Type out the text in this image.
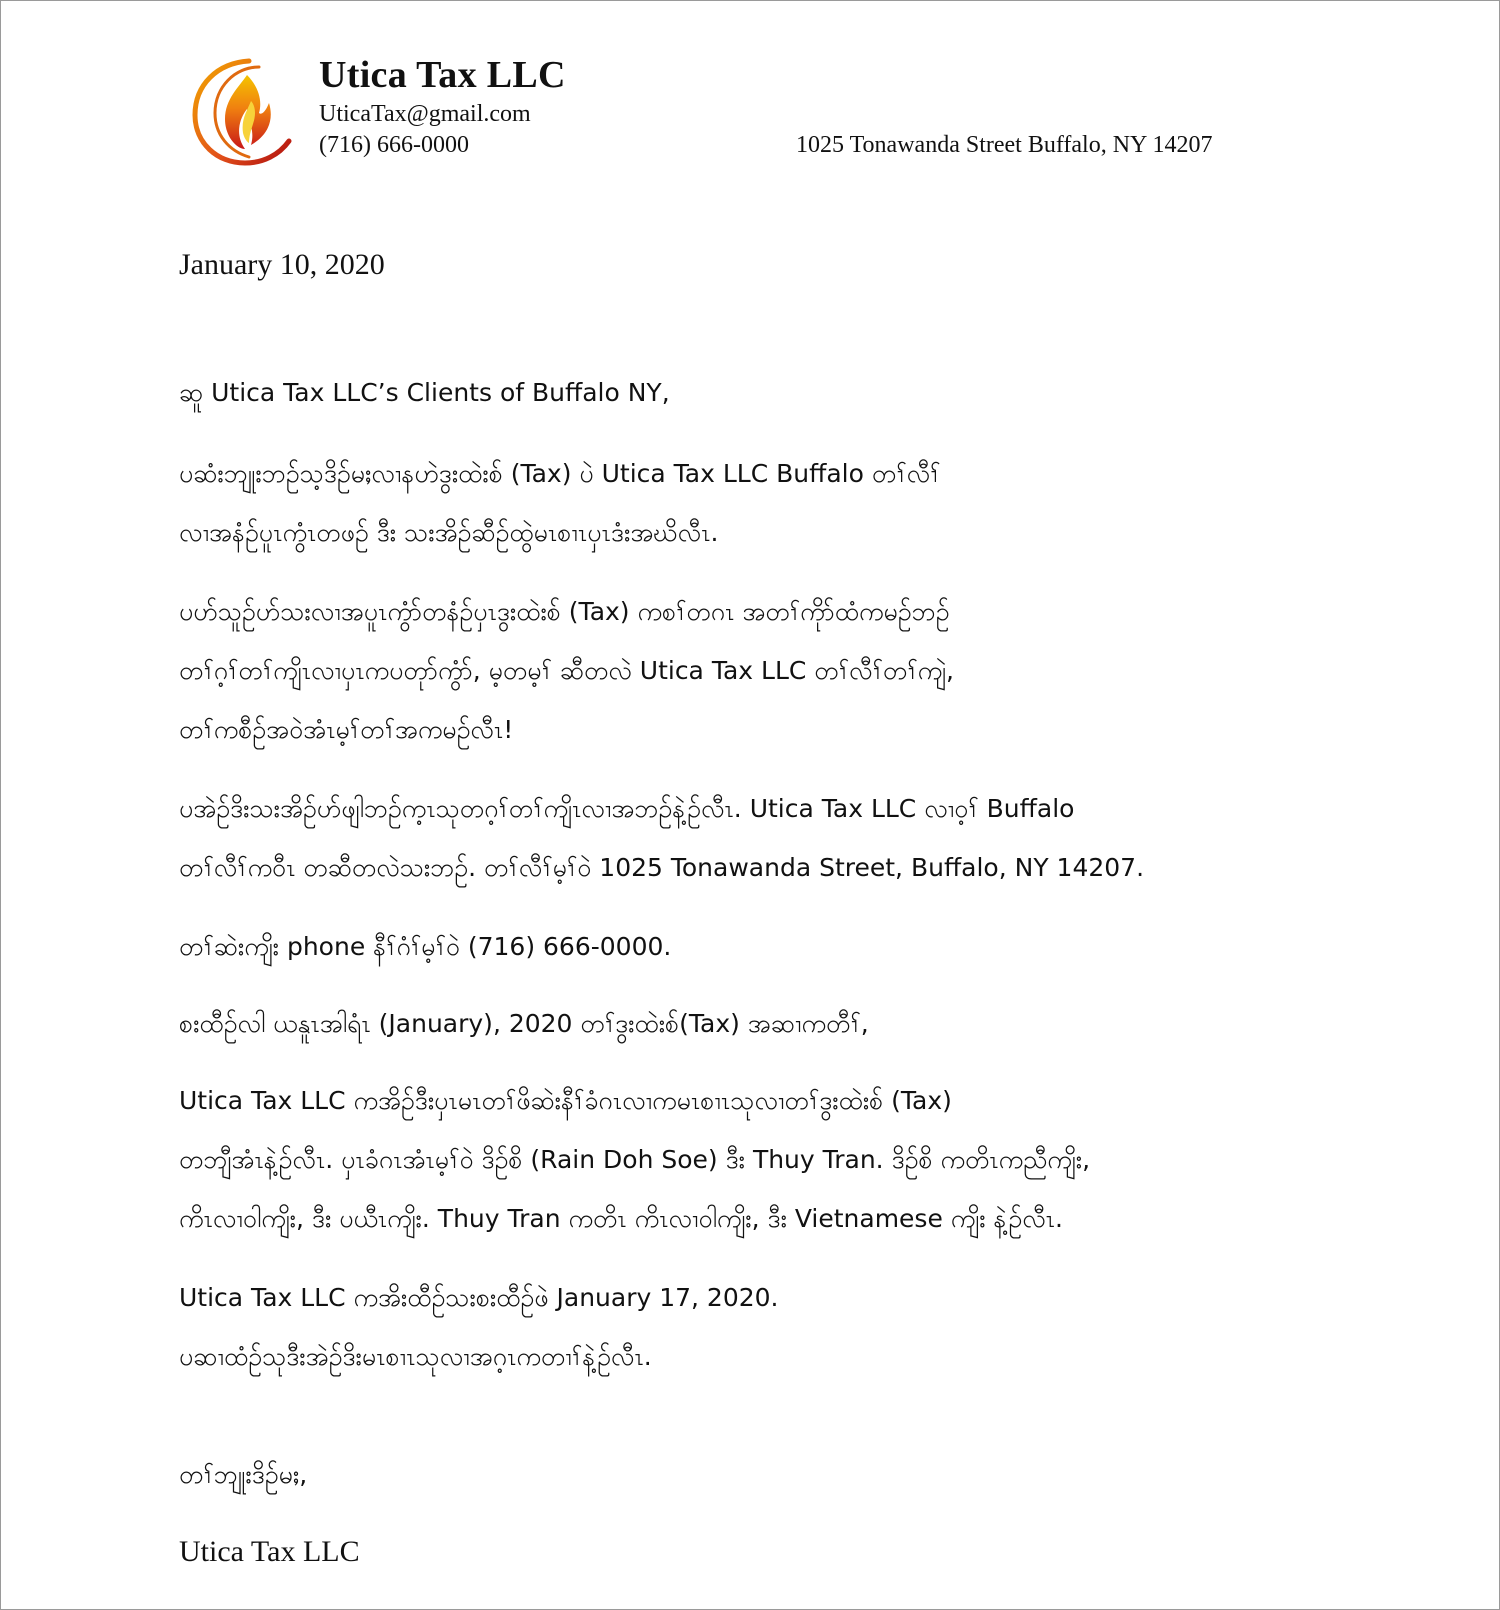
Utica Tax LLC
UticaTax@gmail.com
(716) 666-0000	1025 Tonawanda Street Buffalo, NY 14207
January 10, 2020

ဆူ Utica Tax LLC’s Clients of Buffalo NY,

ပဆံးဘျုးဘဉ်သ့ဒိဉ်မႈလၢနဟဲဒွးထဲးစ် (Tax) ပဲ Utica Tax LLC Buffalo တၢ်လီၢ်
လၢအနံဉ်ပူၤကွံၤတဖဉ် ဒီး သးအိဉ်ဆီဉ်ထွဲမၤစၢၤပှၤဒံးအဃိလီၤ.

ပဟ်သူဉ်ဟ်သးလၢအပူၤကွံာ်တနံဉ်ပှၤဒွးထဲးစ် (Tax) ကစၢ်တဂၤ အတၢ်ကိုာ်ထံကမဉ်ဘဉ်
တၢ်ဂ့ၢ်တၢ်ကျိၤလၢပှၤကပတုာ်ကွံာ်, မ့တမ့ၢ် ဆီတလဲ Utica Tax LLC တၢ်လီၢ်တၢ်ကျဲ,
တၢ်ကစီဉ်အဝဲအံၤမ့ၢ်တၢ်အကမဉ်လီၤ!

ပအဲဉ်ဒိးသးအိဉ်ဟ်ဖျါဘဉ်က့ၤသုတဂ့ၢ်တၢ်ကျိၤလၢအဘဉ်နဲ့ဉ်လီၤ. Utica Tax LLC လၢဝ့ၢ် Buffalo
တၢ်လီၢ်ကဝီၤ တဆီတလဲသးဘဉ်. တၢ်လီၢ်မ့ၢ်ဝဲ 1025 Tonawanda Street, Buffalo, NY 14207.

တၢ်ဆဲးကျိး phone နီၢ်ဂံၢ်မ့ၢ်ဝဲ (716) 666-0000.

စးထီဉ်လါ ယနူၤအါရံၤ (January), 2020 တၢ်ဒွးထဲးစ်(Tax) အဆၢကတီၢ်,

Utica Tax LLC ကအိဉ်ဒီးပှၤမၤတၢ်ဖိဆဲးနီၢ်ခံဂၤလၢကမၤစၢၤသုလၢတၢ်ဒွးထဲးစ် (Tax)
တဘျီအံၤနဲ့ဉ်လီၤ. ပှၤခံဂၤအံၤမ့ၢ်ဝဲ ဒိဉ်စိ (Rain Doh Soe) ဒီး Thuy Tran. ဒိဉ်စိ ကတိၤကညီကျိး,
ကိၤလၢဝါကျိး, ဒီး ပယီၤကျိး. Thuy Tran ကတိၤ ကိၤလၢဝါကျိး, ဒီး Vietnamese ကျိး နဲ့ဉ်လီၤ.

Utica Tax LLC ကအိးထီဉ်သးစးထီဉ်ဖဲ January 17, 2020.
ပဆၢထံဉ်သုဒီးအဲဉ်ဒိးမၤစၢၤသုလၢအဂ့ၤကတၢၢ်နဲ့ဉ်လီၤ.

တၢ်ဘျုးဒိဉ်မႈ,
Utica Tax LLC
